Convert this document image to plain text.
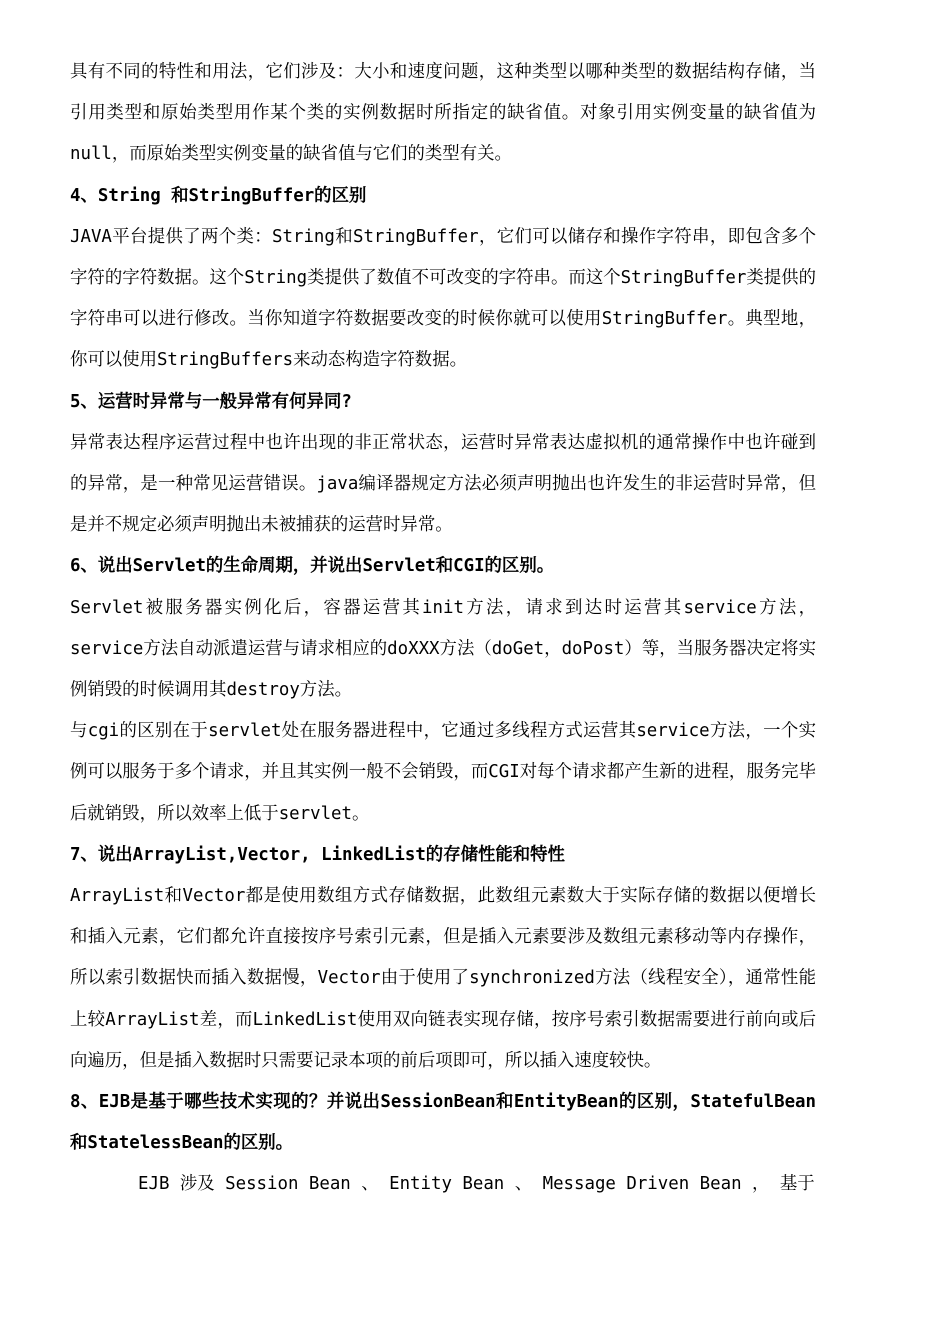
具有不同的特性和用法，它们涉及：大小和速度问题，这种类型以哪种类型的数据结构存储，当引用类型和原始类型用作某个类的实例数据时所指定的缺省值。对象引用实例变量的缺省值为 null，而原始类型实例变量的缺省值与它们的类型有关。

4、String 和StringBuffer的区别

JAVA平台提供了两个类：String和StringBuffer，它们可以储存和操作字符串，即包含多个字符的字符数据。这个String类提供了数值不可改变的字符串。而这个StringBuffer类提供的字符串可以进行修改。当你知道字符数据要改变的时候你就可以使用StringBuffer。典型地，你可以使用StringBuffers来动态构造字符数据。

5、运营时异常与一般异常有何异同?

异常表达程序运营过程中也许出现的非正常状态，运营时异常表达虚拟机的通常操作中也许碰到的异常，是一种常见运营错误。java编译器规定方法必须声明抛出也许发生的非运营时异常，但是并不规定必须声明抛出未被捕获的运营时异常。

6、说出Servlet的生命周期，并说出Servlet和CGI的区别。

Servlet被服务器实例化后，容器运营其init方法，请求到达时运营其service方法，service方法自动派遣运营与请求相应的doXXX方法（doGet，doPost）等，当服务器决定将实例销毁的时候调用其destroy方法。

与cgi的区别在于servlet处在服务器进程中，它通过多线程方式运营其service方法，一个实例可以服务于多个请求，并且其实例一般不会销毁，而CGI对每个请求都产生新的进程，服务完毕后就销毁，所以效率上低于servlet。

7、说出ArrayList,Vector, LinkedList的存储性能和特性

ArrayList和Vector都是使用数组方式存储数据，此数组元素数大于实际存储的数据以便增长和插入元素，它们都允许直接按序号索引元素，但是插入元素要涉及数组元素移动等内存操作，所以索引数据快而插入数据慢，Vector由于使用了synchronized方法（线程安全），通常性能上较ArrayList差，而LinkedList使用双向链表实现存储，按序号索引数据需要进行前向或后向遍历，但是插入数据时只需要记录本项的前后项即可，所以插入速度较快。

8、EJB是基于哪些技术实现的？并说出SessionBean和EntityBean的区别，StatefulBean和StatelessBean的区别。

EJB 涉及 Session Bean 、 Entity Bean 、 Message Driven Bean ， 基于
